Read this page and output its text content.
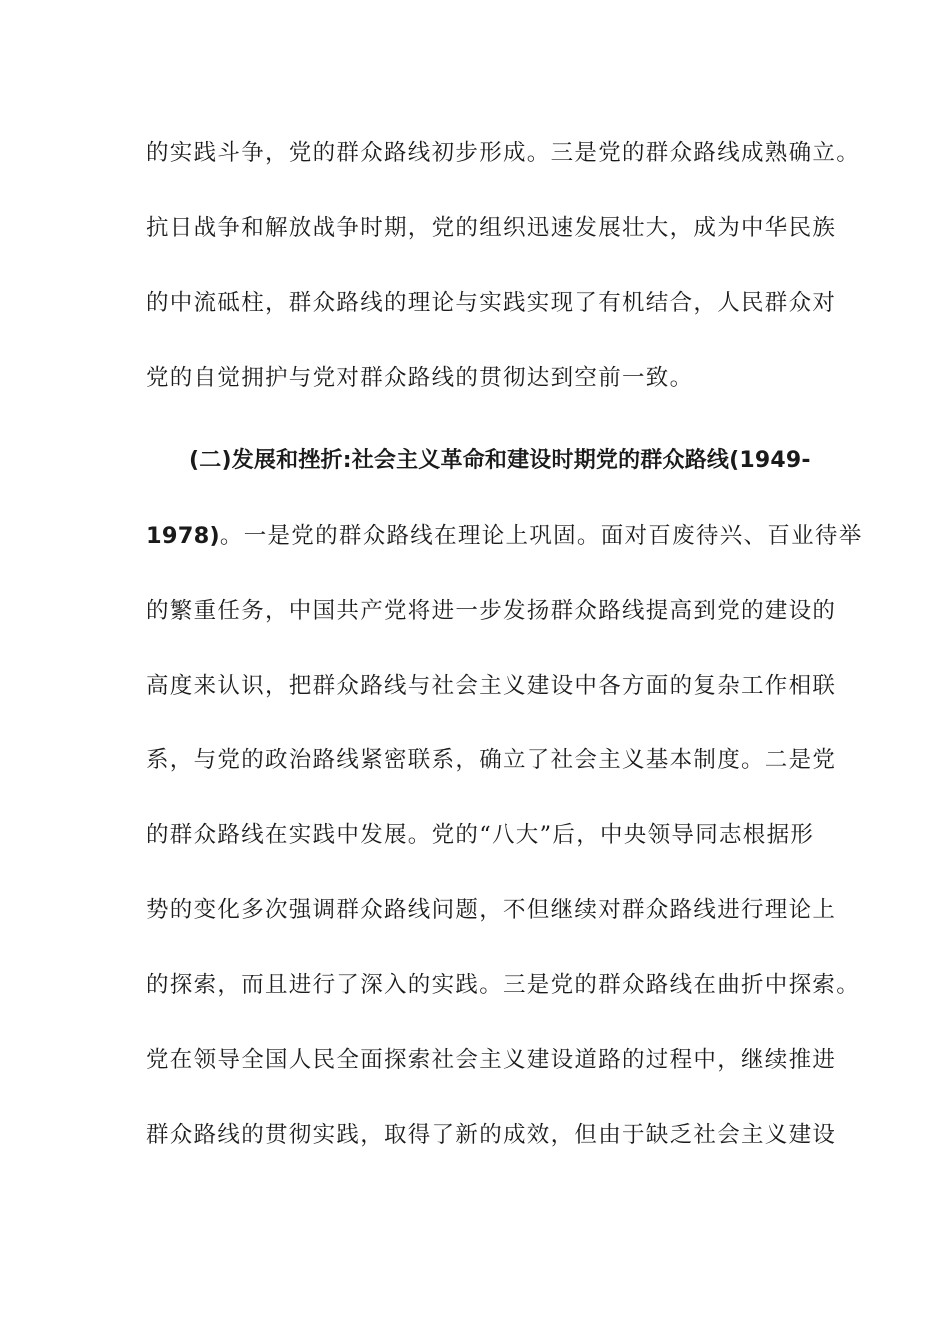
的实践斗争，党的群众路线初步形成。三是党的群众路线成熟确立。
抗日战争和解放战争时期，党的组织迅速发展壮大，成为中华民族
的中流砥柱，群众路线的理论与实践实现了有机结合，人民群众对
党的自觉拥护与党对群众路线的贯彻达到空前一致。
(二)发展和挫折:社会主义革命和建设时期党的群众路线(1949-
1978)。一是党的群众路线在理论上巩固。面对百废待兴、百业待举
的繁重任务，中国共产党将进一步发扬群众路线提高到党的建设的
高度来认识，把群众路线与社会主义建设中各方面的复杂工作相联
系，与党的政治路线紧密联系，确立了社会主义基本制度。二是党
的群众路线在实践中发展。党的“八大”后，中央领导同志根据形
势的变化多次强调群众路线问题，不但继续对群众路线进行理论上
的探索，而且进行了深入的实践。三是党的群众路线在曲折中探索。
党在领导全国人民全面探索社会主义建设道路的过程中，继续推进
群众路线的贯彻实践，取得了新的成效，但由于缺乏社会主义建设
